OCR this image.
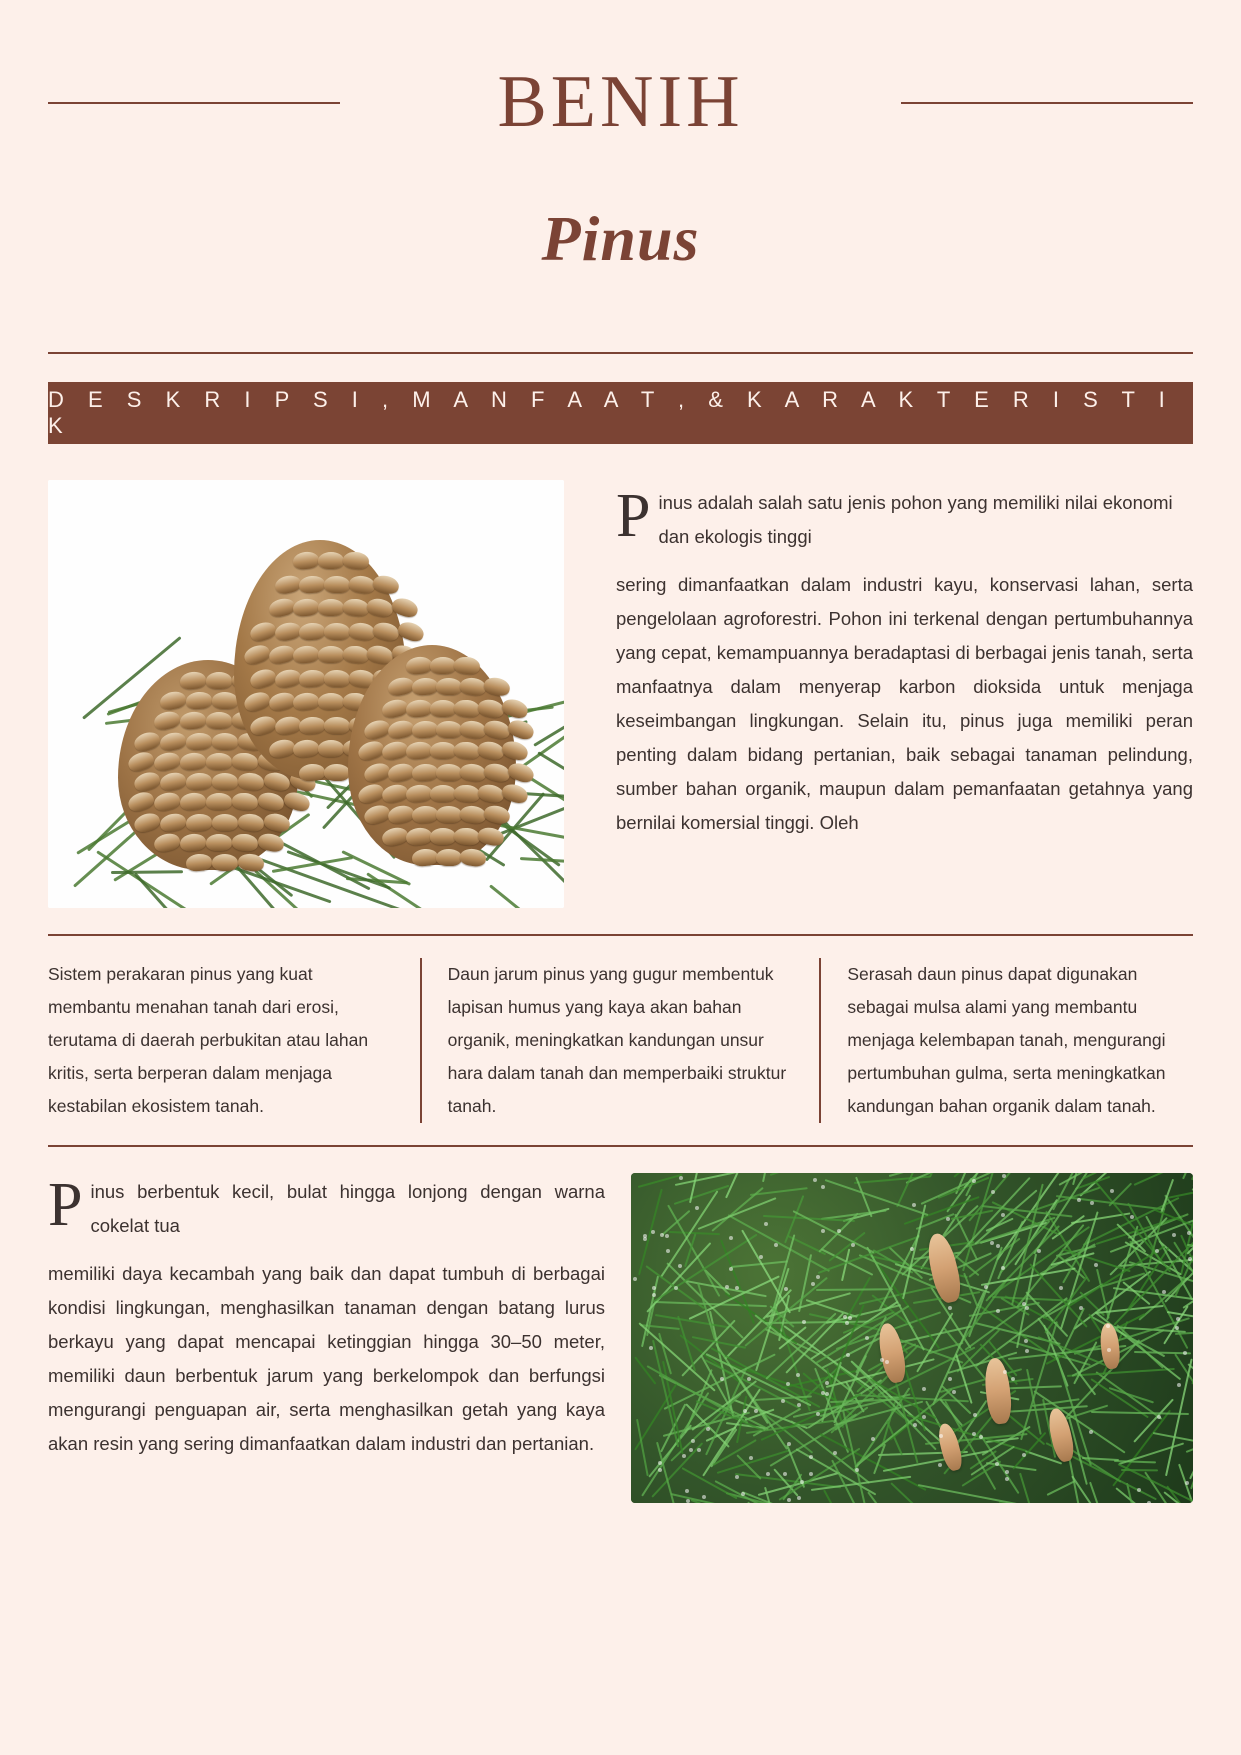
BENIH
Pinus
D E S K R I P S I , M A N F A A T , & K A R A K T E R I S T I K
P inus adalah salah satu jenis pohon yang memiliki nilai ekonomi dan ekologis tinggi

sering dimanfaatkan dalam industri kayu, konservasi lahan, serta pengelolaan agroforestri. Pohon ini terkenal dengan pertumbuhannya yang cepat, kemampuannya beradaptasi di berbagai jenis tanah, serta manfaatnya dalam menyerap karbon dioksida untuk menjaga keseimbangan lingkungan. Selain itu, pinus juga memiliki peran penting dalam bidang pertanian, baik sebagai tanaman pelindung, sumber bahan organik, maupun dalam pemanfaatan getahnya yang bernilai komersial tinggi. Oleh

Sistem perakaran pinus yang kuat membantu menahan tanah dari erosi, terutama di daerah perbukitan atau lahan kritis, serta berperan dalam menjaga kestabilan ekosistem tanah.
Daun jarum pinus yang gugur membentuk lapisan humus yang kaya akan bahan organik, meningkatkan kandungan unsur hara dalam tanah dan memperbaiki struktur tanah.
Serasah daun pinus dapat digunakan sebagai mulsa alami yang membantu menjaga kelembapan tanah, mengurangi pertumbuhan gulma, serta meningkatkan kandungan bahan organik dalam tanah.
P inus berbentuk kecil, bulat hingga lonjong dengan warna cokelat tua

memiliki daya kecambah yang baik dan dapat tumbuh di berbagai kondisi lingkungan, menghasilkan tanaman dengan batang lurus berkayu yang dapat mencapai ketinggian hingga 30–50 meter, memiliki daun berbentuk jarum yang berkelompok dan berfungsi mengurangi penguapan air, serta menghasilkan getah yang kaya akan resin yang sering dimanfaatkan dalam industri dan pertanian.
